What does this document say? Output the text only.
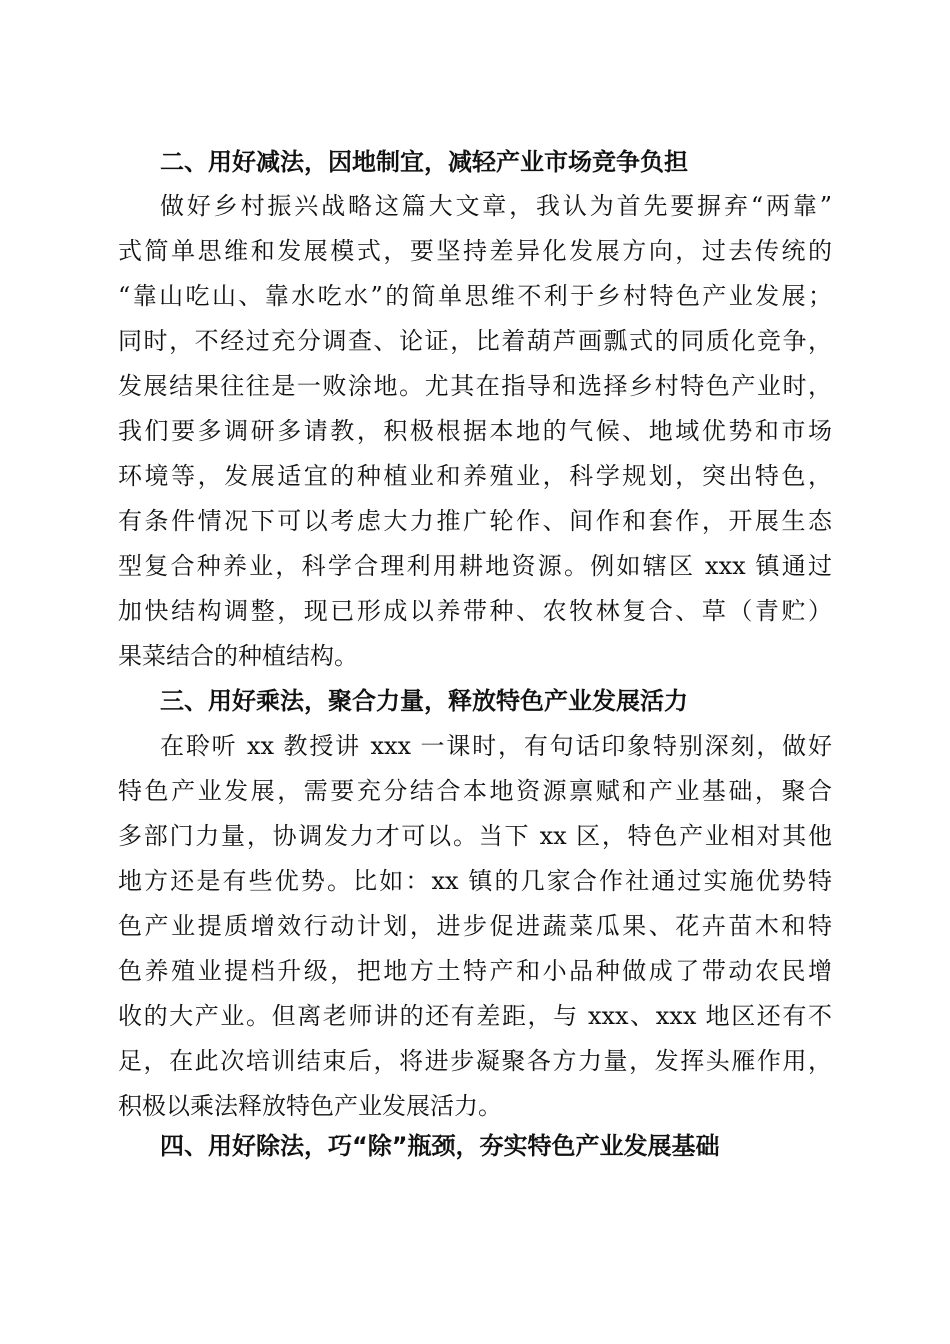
二、用好减法，因地制宜，减轻产业市场竞争负担
做好乡村振兴战略这篇大文章，我认为首先要摒弃“两靠”
式简单思维和发展模式，要坚持差异化发展方向，过去传统的
“靠山吃山、靠水吃水”的简单思维不利于乡村特色产业发展；
同时，不经过充分调查、论证，比着葫芦画瓢式的同质化竞争，
发展结果往往是一败涂地。尤其在指导和选择乡村特色产业时，
我们要多调研多请教，积极根据本地的气候、地域优势和市场
环境等，发展适宜的种植业和养殖业，科学规划，突出特色，
有条件情况下可以考虑大力推广轮作、间作和套作，开展生态
型复合种养业，科学合理利用耕地资源。例如辖区 xxx 镇通过
加快结构调整，现已形成以养带种、农牧林复合、草（青贮）
果菜结合的种植结构。
三、用好乘法，聚合力量，释放特色产业发展活力
在聆听 xx 教授讲 xxx 一课时，有句话印象特别深刻，做好
特色产业发展，需要充分结合本地资源禀赋和产业基础，聚合
多部门力量，协调发力才可以。当下 xx 区，特色产业相对其他
地方还是有些优势。比如：xx 镇的几家合作社通过实施优势特
色产业提质增效行动计划，进步促进蔬菜瓜果、花卉苗木和特
色养殖业提档升级，把地方土特产和小品种做成了带动农民增
收的大产业。但离老师讲的还有差距，与 xxx、xxx 地区还有不
足，在此次培训结束后，将进步凝聚各方力量，发挥头雁作用，
积极以乘法释放特色产业发展活力。
四、用好除法，巧“除”瓶颈，夯实特色产业发展基础
